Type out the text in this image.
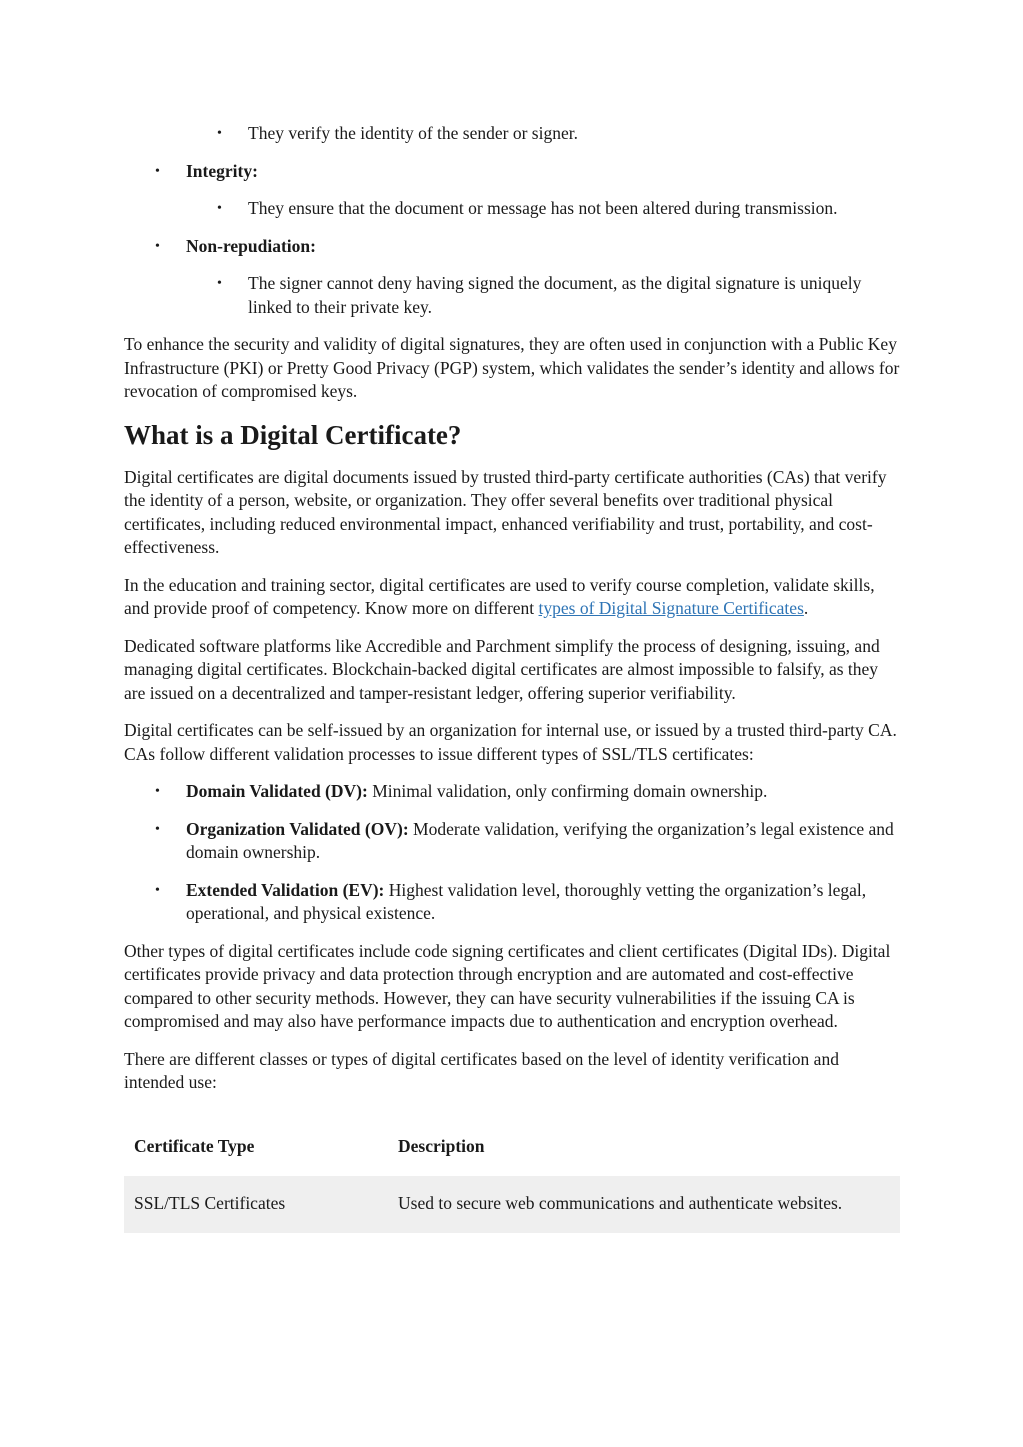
• They verify the identity of the sender or signer.
• Integrity:
• They ensure that the document or message has not been altered during transmission.
• Non-repudiation:
• The signer cannot deny having signed the document, as the digital signature is uniquely linked to their private key.

To enhance the security and validity of digital signatures, they are often used in conjunction with a Public Key Infrastructure (PKI) or Pretty Good Privacy (PGP) system, which validates the sender’s identity and allows for revocation of compromised keys.

What is a Digital Certificate?

Digital certificates are digital documents issued by trusted third-party certificate authorities (CAs) that verify the identity of a person, website, or organization. They offer several benefits over traditional physical certificates, including reduced environmental impact, enhanced verifiability and trust, portability, and cost-effectiveness.

In the education and training sector, digital certificates are used to verify course completion, validate skills, and provide proof of competency. Know more on different types of Digital Signature Certificates.

Dedicated software platforms like Accredible and Parchment simplify the process of designing, issuing, and managing digital certificates. Blockchain-backed digital certificates are almost impossible to falsify, as they are issued on a decentralized and tamper-resistant ledger, offering superior verifiability.

Digital certificates can be self-issued by an organization for internal use, or issued by a trusted third-party CA. CAs follow different validation processes to issue different types of SSL/TLS certificates:

• Domain Validated (DV): Minimal validation, only confirming domain ownership.
• Organization Validated (OV): Moderate validation, verifying the organization’s legal existence and domain ownership.
• Extended Validation (EV): Highest validation level, thoroughly vetting the organization’s legal, operational, and physical existence.

Other types of digital certificates include code signing certificates and client certificates (Digital IDs). Digital certificates provide privacy and data protection through encryption and are automated and cost-effective compared to other security methods. However, they can have security vulnerabilities if the issuing CA is compromised and may also have performance impacts due to authentication and encryption overhead.

There are different classes or types of digital certificates based on the level of identity verification and intended use:

Certificate Type	Description
SSL/TLS Certificates	Used to secure web communications and authenticate websites.
